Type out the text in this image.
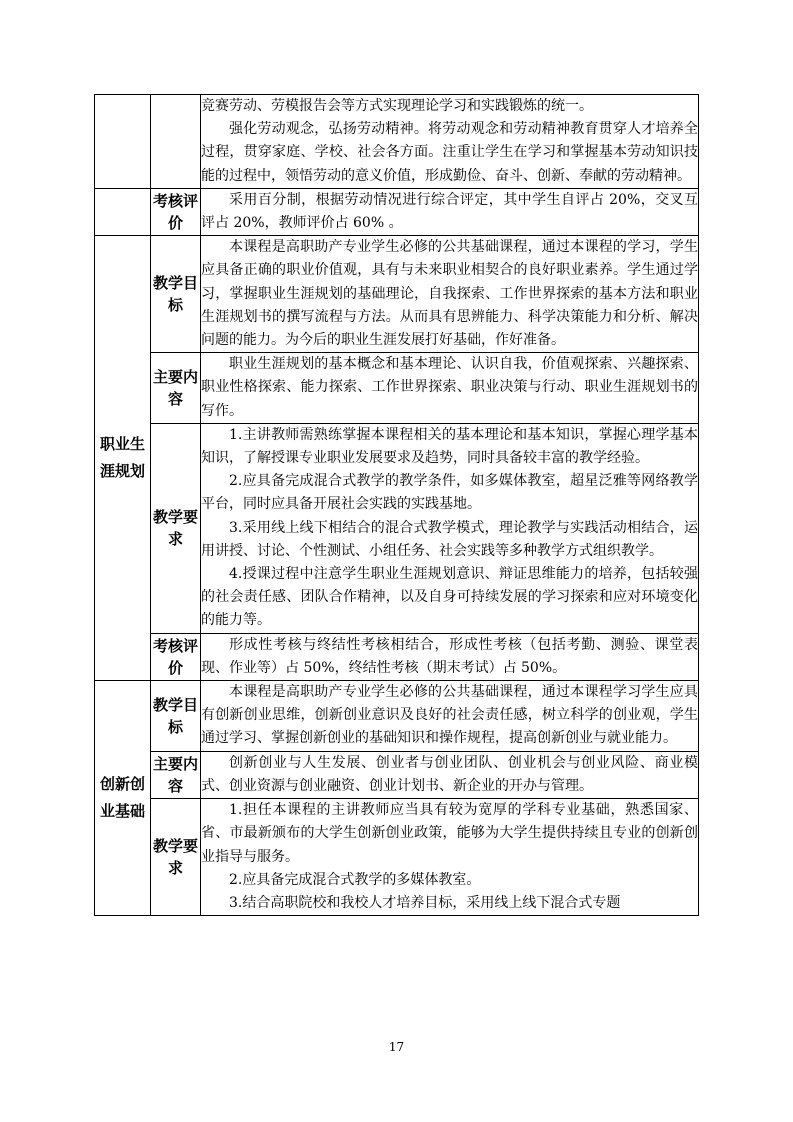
		竞赛劳动、劳模报告会等方式实现理论学习和实践锻炼的统一。

强化劳动观念，弘扬劳动精神。将劳动观念和劳动精神教育贯穿人才培养全过程，贯穿家庭、学校、社会各方面。注重让学生在学习和掌握基本劳动知识技能的过程中，领悟劳动的意义价值，形成勤俭、奋斗、创新、奉献的劳动精神。

	考核评价	采用百分制，根据劳动情况进行综合评定，其中学生自评占 20%，交叉互评占 20%，教师评价占 60% 。

职业生涯规划	教学目标	本课程是高职助产专业学生必修的公共基础课程，通过本课程的学习，学生应具备正确的职业价值观，具有与未来职业相契合的良好职业素养。学生通过学习，掌握职业生涯规划的基础理论，自我探索、工作世界探索的基本方法和职业生涯规划书的撰写流程与方法。从而具有思辨能力、科学决策能力和分析、解决问题的能力。为今后的职业生涯发展打好基础，作好准备。

	主要内容	职业生涯规划的基本概念和基本理论、认识自我，价值观探索、兴趣探索、职业性格探索、能力探索、工作世界探索、职业决策与行动、职业生涯规划书的写作。

	教学要求	1.主讲教师需熟练掌握本课程相关的基本理论和基本知识，掌握心理学基本知识，了解授课专业职业发展要求及趋势，同时具备较丰富的教学经验。

2.应具备完成混合式教学的教学条件，如多媒体教室，超星泛雅等网络教学平台，同时应具备开展社会实践的实践基地。

3.采用线上线下相结合的混合式教学模式，理论教学与实践活动相结合，运用讲授、讨论、个性测试、小组任务、社会实践等多种教学方式组织教学。

4.授课过程中注意学生职业生涯规划意识、辩证思维能力的培养，包括较强的社会责任感、团队合作精神，以及自身可持续发展的学习探索和应对环境变化的能力等。

	考核评价	形成性考核与终结性考核相结合，形成性考核（包括考勤、测验、课堂表现、作业等）占 50%，终结性考核（期末考试）占 50%。

创新创业基础	教学目标	本课程是高职助产专业学生必修的公共基础课程，通过本课程学习学生应具有创新创业思维，创新创业意识及良好的社会责任感，树立科学的创业观，学生通过学习、掌握创新创业的基础知识和操作规程，提高创新创业与就业能力。

	主要内容	创新创业与人生发展、创业者与创业团队、创业机会与创业风险、商业模式、创业资源与创业融资、创业计划书、新企业的开办与管理。

	教学要求	1.担任本课程的主讲教师应当具有较为宽厚的学科专业基础，熟悉国家、省、市最新颁布的大学生创新创业政策，能够为大学生提供持续且专业的创新创业指导与服务。

2.应具备完成混合式教学的多媒体教室。

3.结合高职院校和我校人才培养目标，采用线上线下混合式专题

17
